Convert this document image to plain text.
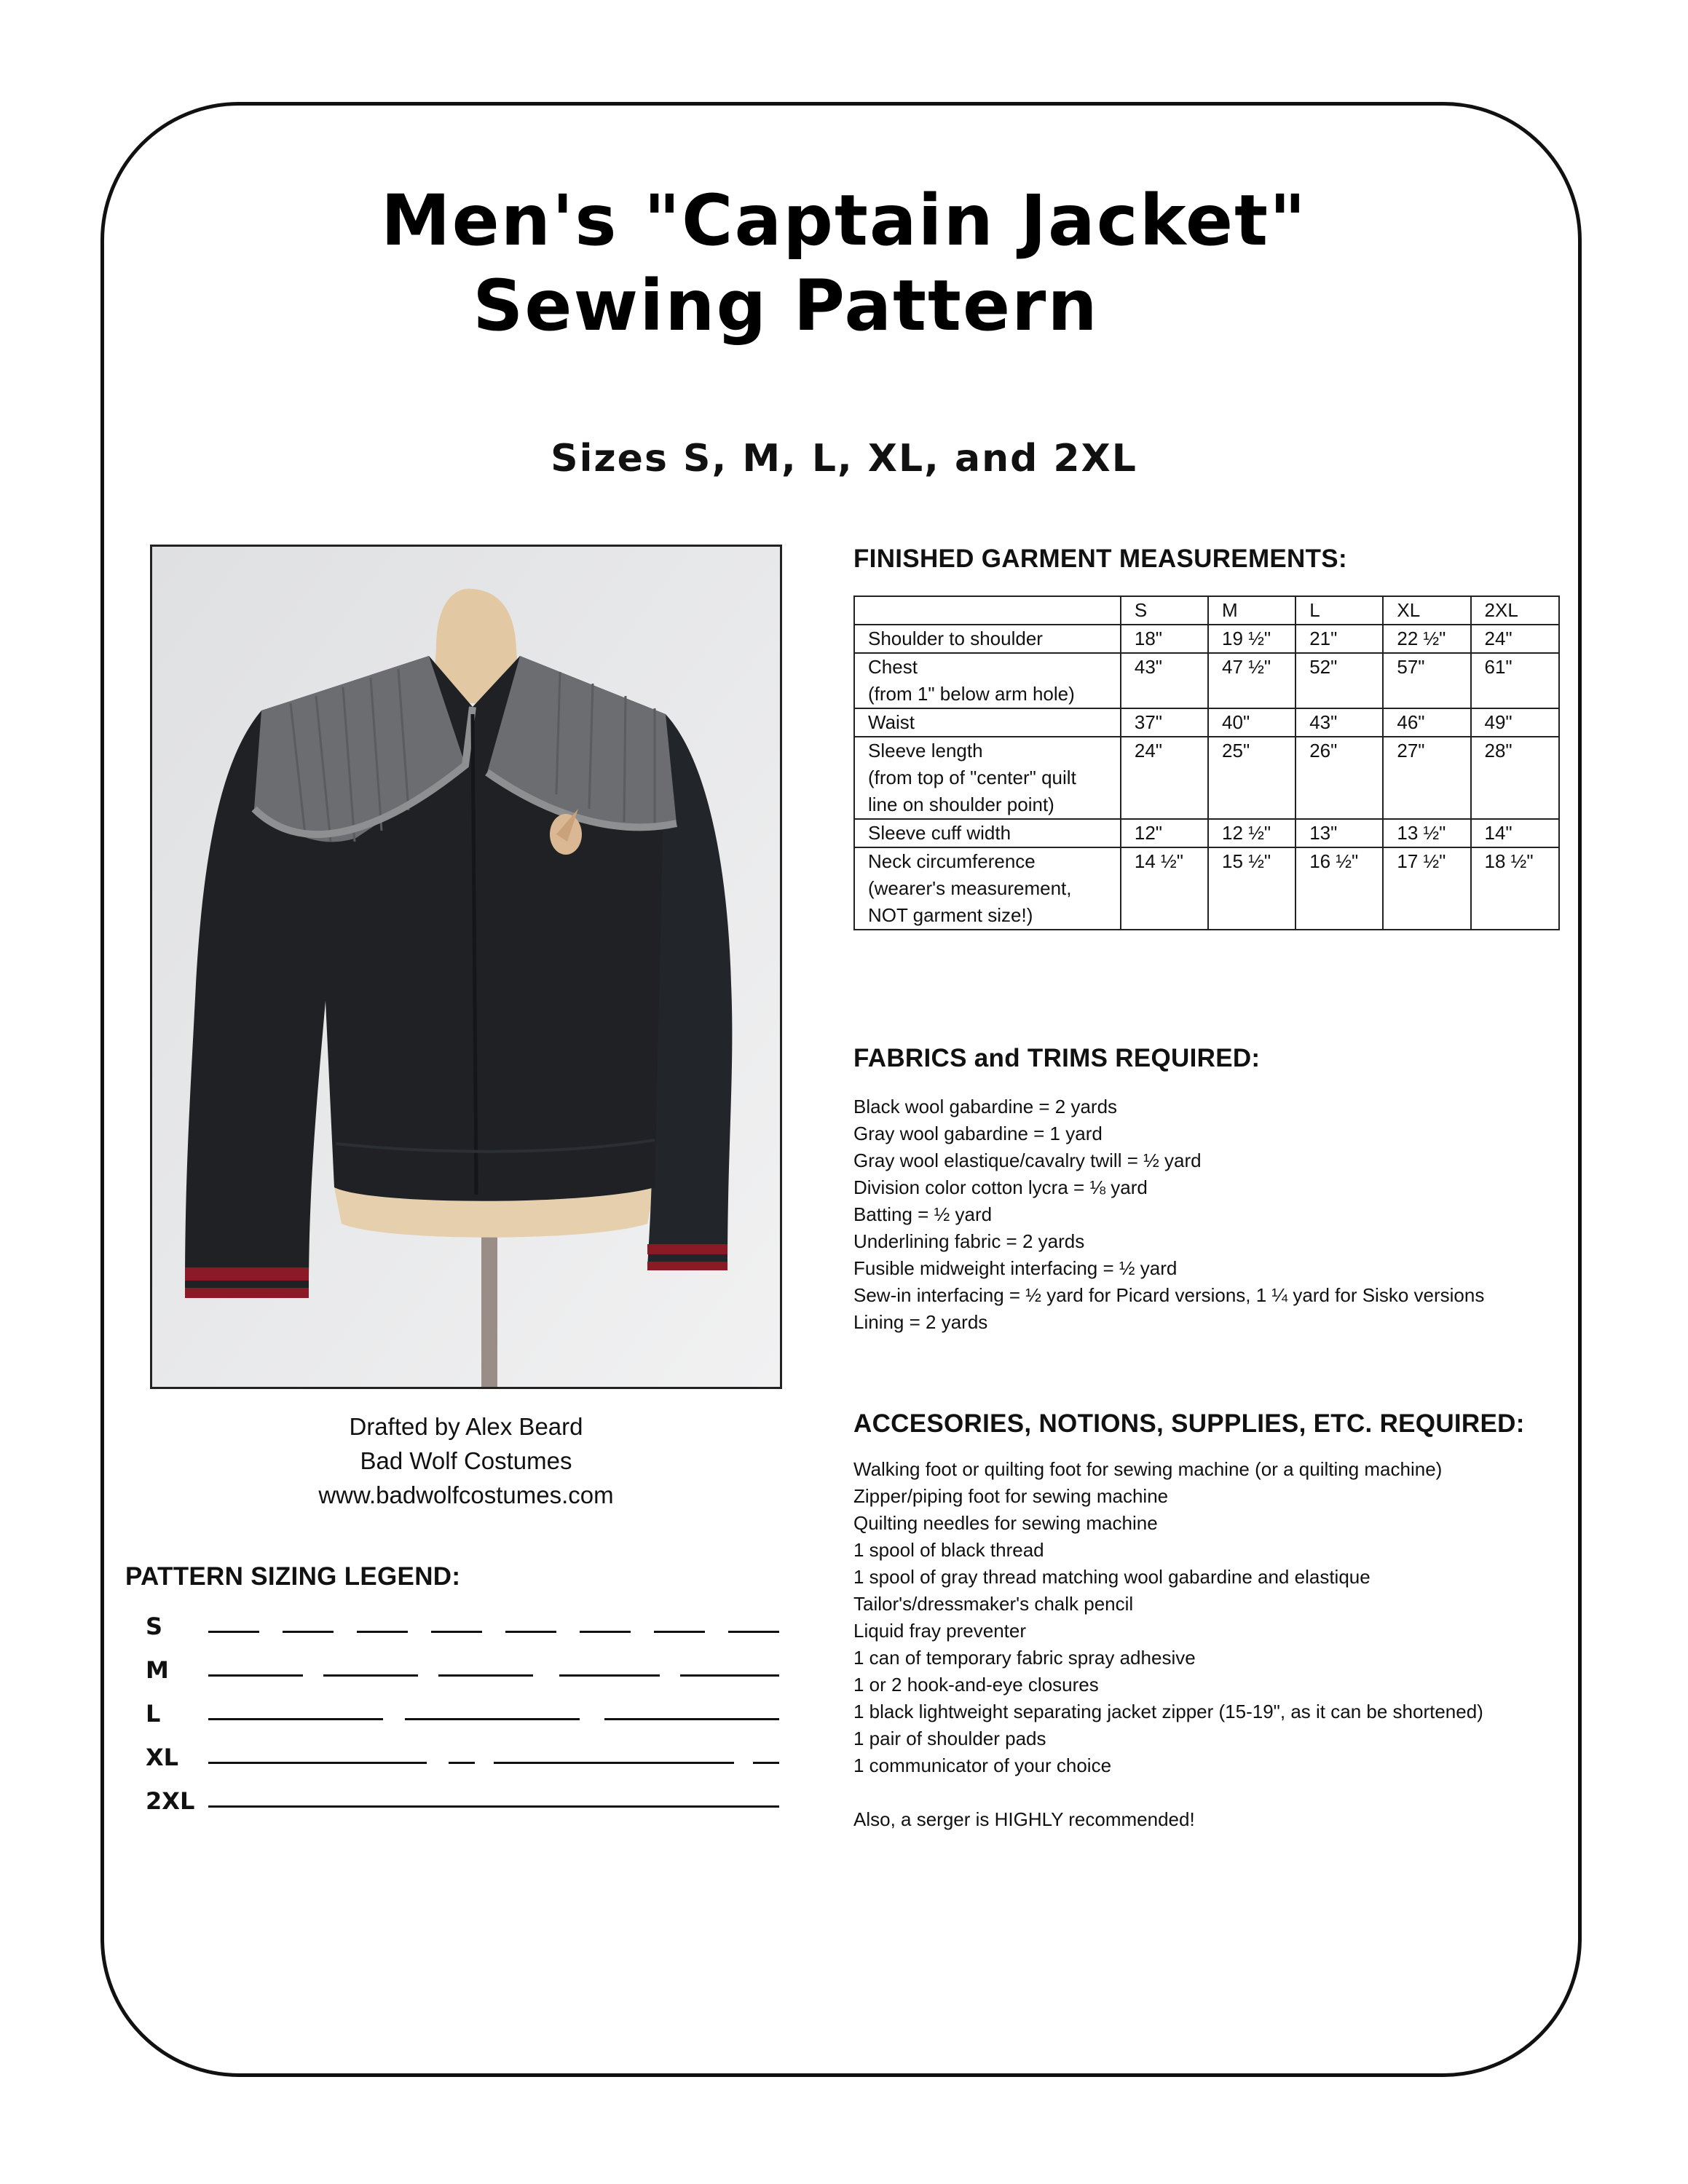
Men's "Captain Jacket"
Sewing Pattern
Sizes S, M, L, XL, and 2XL
Drafted by Alex Beard
Bad Wolf Costumes
www.badwolfcostumes.com
PATTERN SIZING LEGEND:
S
M
L
XL
2XL
FINISHED GARMENT MEASUREMENTS:
	S	M	L	XL	2XL

Shoulder to shoulder	18"	19 ½"	21"	22 ½"	24"

Chest
(from 1" below arm hole)	43"	47 ½"	52"	57"	61"

Waist	37"	40"	43"	46"	49"

Sleeve length
(from top of "center" quilt
line on shoulder point)	24"	25"	26"	27"	28"

Sleeve cuff width	12"	12 ½"	13"	13 ½"	14"

Neck circumference
(wearer's measurement,
NOT garment size!)	14 ½"	15 ½"	16 ½"	17 ½"	18 ½"
FABRICS and TRIMS REQUIRED:
Black wool gabardine = 2 yards
Gray wool gabardine = 1 yard
Gray wool elastique/cavalry twill = ½ yard
Division color cotton lycra = ⅛ yard
Batting = ½ yard
Underlining fabric = 2 yards
Fusible midweight interfacing = ½ yard
Sew-in interfacing = ½ yard for Picard versions, 1 ¼ yard for Sisko versions
Lining = 2 yards
ACCESORIES, NOTIONS, SUPPLIES, ETC. REQUIRED:
Walking foot or quilting foot for sewing machine (or a quilting machine)
Zipper/piping foot for sewing machine
Quilting needles for sewing machine
1 spool of black thread
1 spool of gray thread matching wool gabardine and elastique
Tailor's/dressmaker's chalk pencil
Liquid fray preventer
1 can of temporary fabric spray adhesive
1 or 2 hook-and-eye closures
1 black lightweight separating jacket zipper (15-19", as it can be shortened)
1 pair of shoulder pads
1 communicator of your choice
Also, a serger is HIGHLY recommended!
